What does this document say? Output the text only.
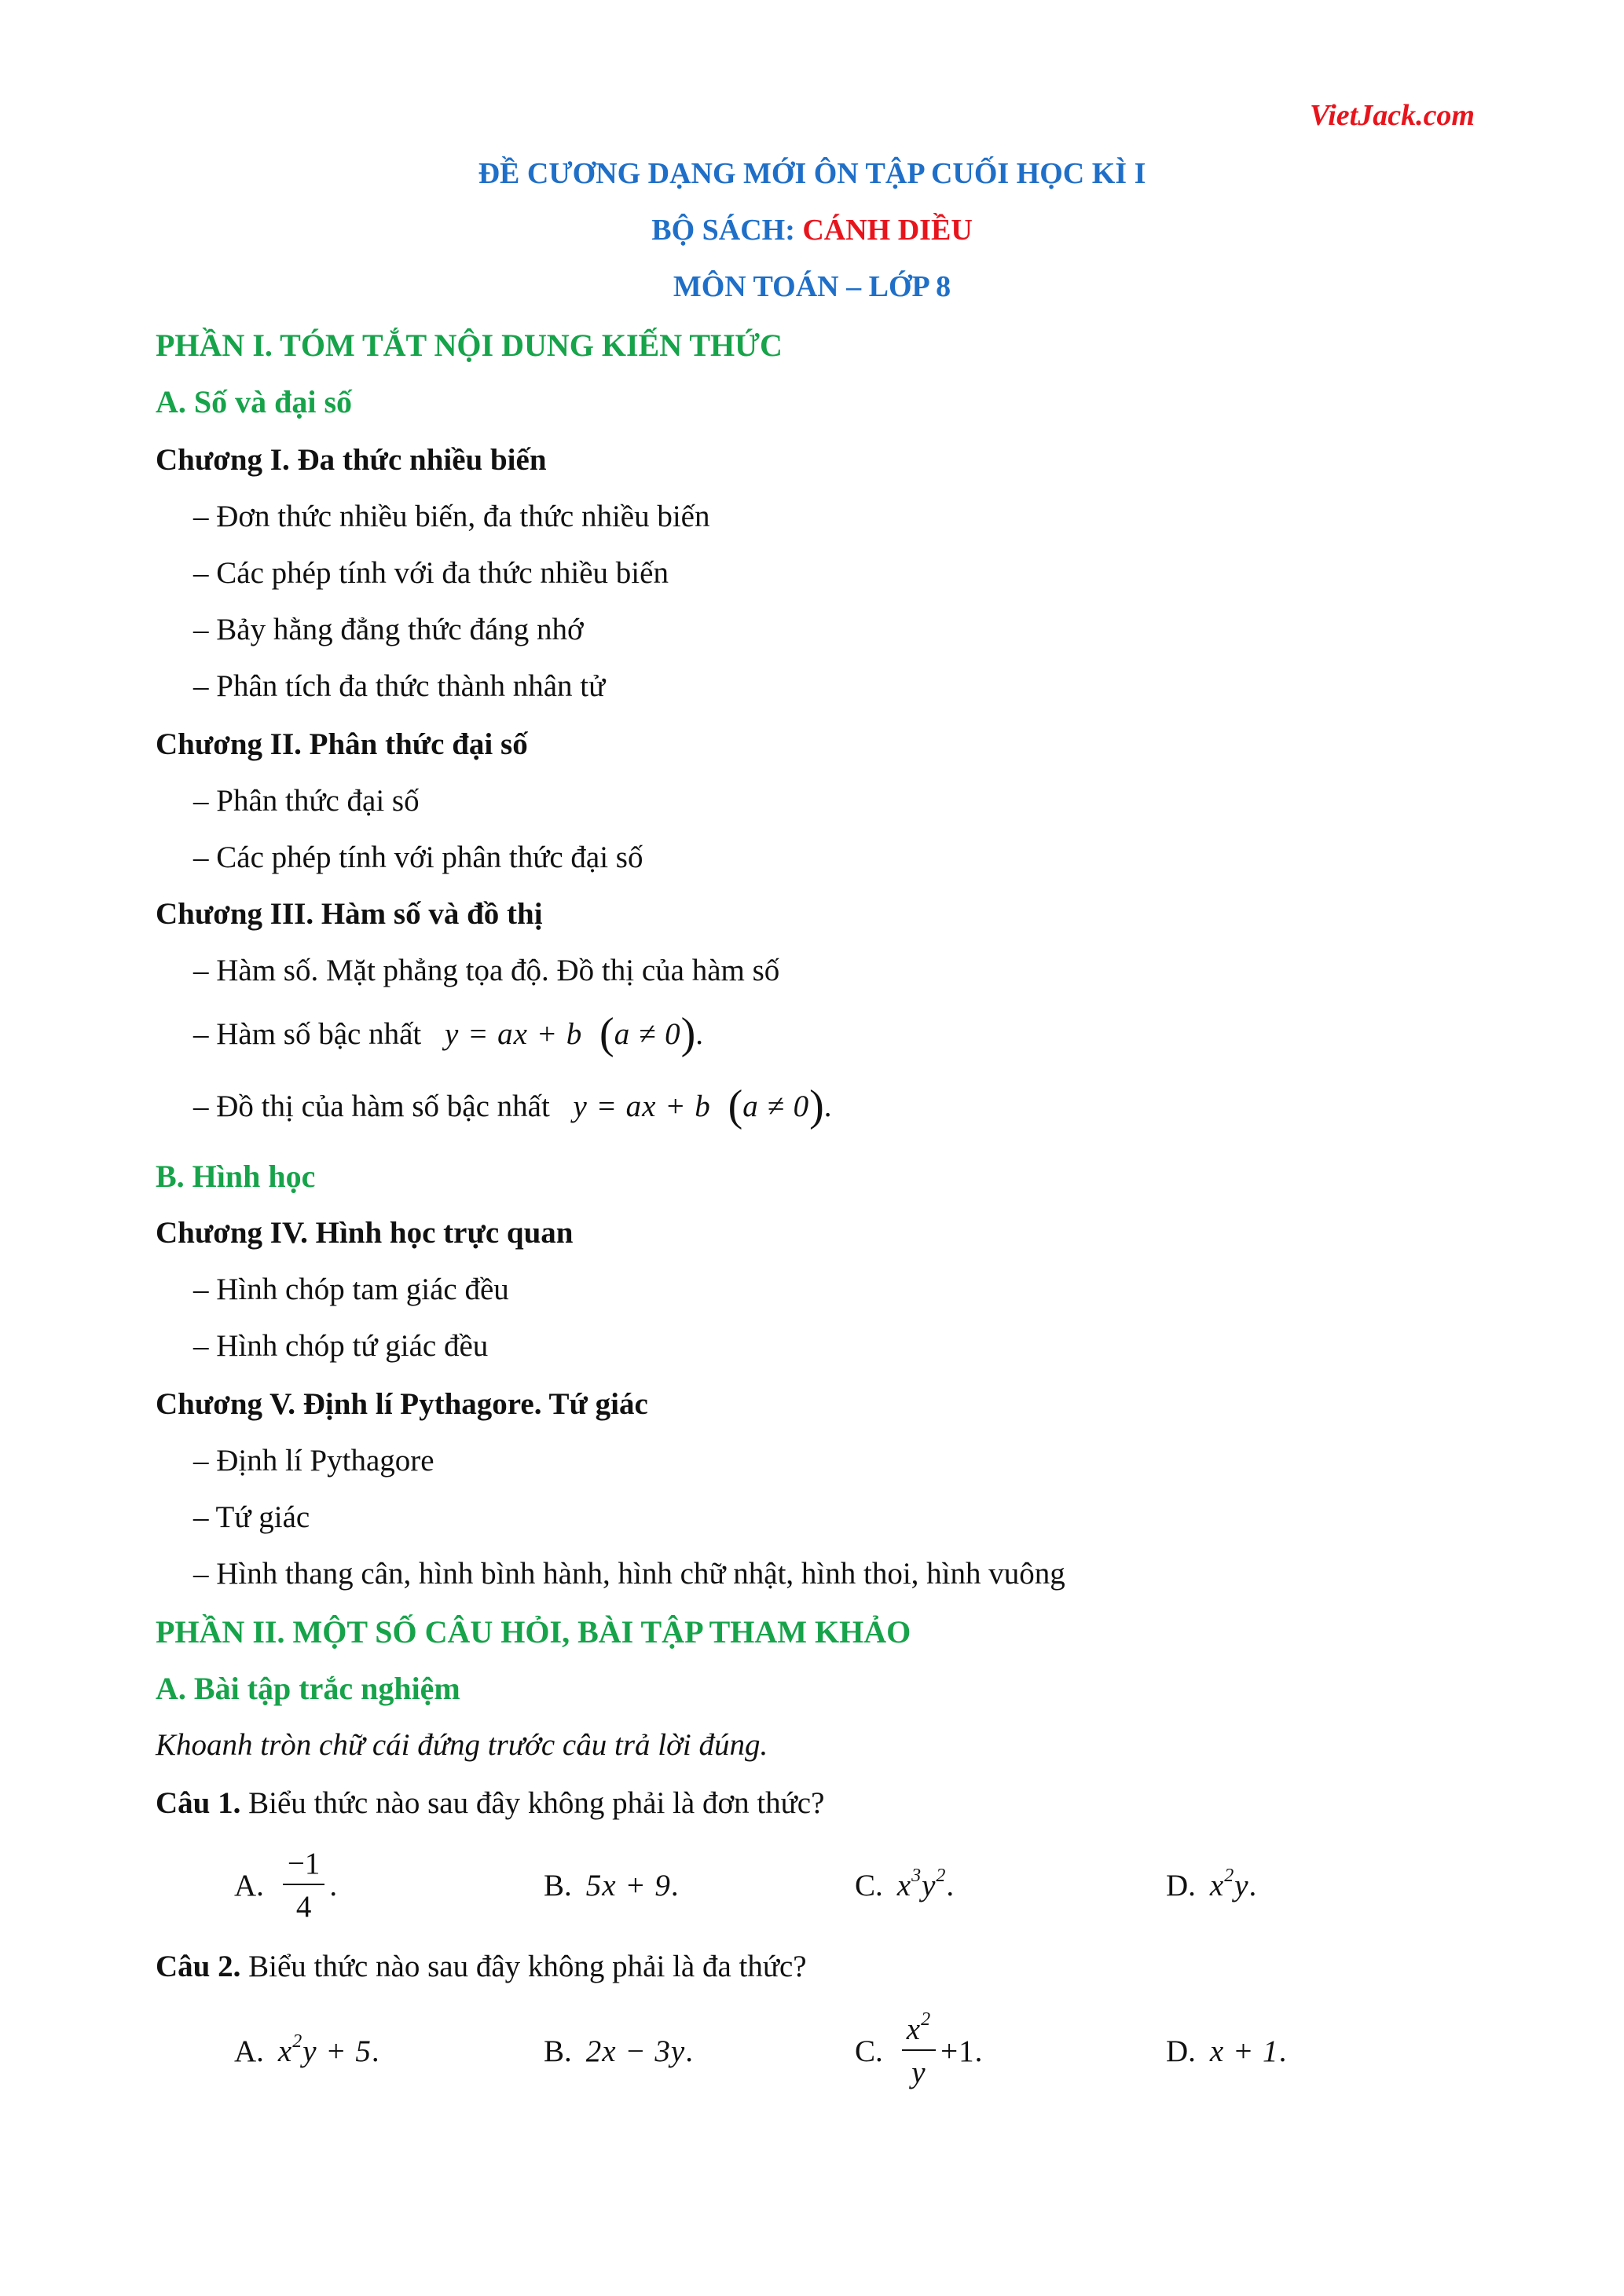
VietJack.com
ĐỀ CƯƠNG DẠNG MỚI ÔN TẬP CUỐI HỌC KÌ I
BỘ SÁCH: CÁNH DIỀU
MÔN TOÁN – LỚP 8
PHẦN I. TÓM TẮT NỘI DUNG KIẾN THỨC
A. Số và đại số
Chương I. Đa thức nhiều biến
– Đơn thức nhiều biến, đa thức nhiều biến
– Các phép tính với đa thức nhiều biến
– Bảy hằng đẳng thức đáng nhớ
– Phân tích đa thức thành nhân tử
Chương II. Phân thức đại số
– Phân thức đại số
– Các phép tính với phân thức đại số
Chương III. Hàm số và đồ thị
– Hàm số. Mặt phẳng tọa độ. Đồ thị của hàm số
– Hàm số bậc nhất y = ax + b (a ≠ 0).
– Đồ thị của hàm số bậc nhất y = ax + b (a ≠ 0).
B. Hình học
Chương IV. Hình học trực quan
– Hình chóp tam giác đều
– Hình chóp tứ giác đều
Chương V. Định lí Pythagore. Tứ giác
– Định lí Pythagore
– Tứ giác
– Hình thang cân, hình bình hành, hình chữ nhật, hình thoi, hình vuông
PHẦN II. MỘT SỐ CÂU HỎI, BÀI TẬP THAM KHẢO
A. Bài tập trắc nghiệm
Khoanh tròn chữ cái đứng trước câu trả lời đúng.
Câu 1. Biểu thức nào sau đây không phải là đơn thức?
A. $\frac{-1}{4}$ .	B. 5x + 9 .	C. $x^3y^2$ .	D. $x^2y$ .
Câu 2. Biểu thức nào sau đây không phải là đa thức?
A. $x^2y + 5$ .	B. 2x − 3y .	C. $\frac{x^2}{y} +1$ .	D. x + 1 .
